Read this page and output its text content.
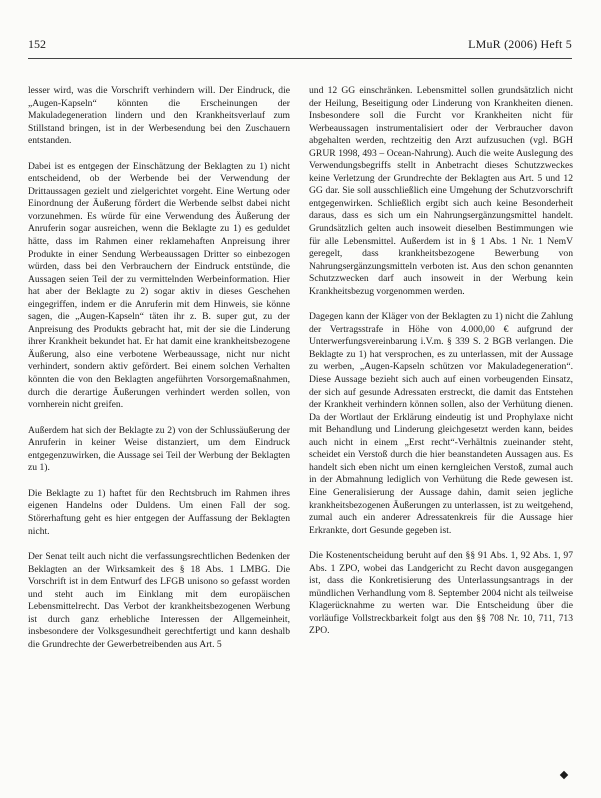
152	LMuR (2006) Heft 5

lesser wird, was die Vorschrift verhindern will. Der Eindruck, die „Augen-Kapseln“ könnten die Erscheinungen der Makuladegeneration lindern und den Krankheitsverlauf zum Stillstand bringen, ist in der Werbesendung bei den Zuschauern entstanden.

Dabei ist es entgegen der Einschätzung der Beklagten zu 1) nicht entscheidend, ob der Werbende bei der Verwendung der Drittaussagen gezielt und zielgerichtet vorgeht. Eine Wertung oder Einordnung der Äußerung fördert die Werbende selbst dabei nicht vorzunehmen. Es würde für eine Verwendung des Äußerung der Anruferin sogar ausreichen, wenn die Beklagte zu 1) es geduldet hätte, dass im Rahmen einer reklamehaften Anpreisung ihrer Produkte in einer Sendung Werbeaussagen Dritter so einbezogen würden, dass bei den Verbrauchern der Eindruck entstünde, die Aussagen seien Teil der zu vermittelnden Werbeinformation. Hier hat aber der Beklagte zu 2) sogar aktiv in dieses Geschehen eingegriffen, indem er die Anruferin mit dem Hinweis, sie könne sagen, die „Augen-Kapseln“ täten ihr z. B. super gut, zu der Anpreisung des Produkts gebracht hat, mit der sie die Linderung ihrer Krankheit bekundet hat. Er hat damit eine krankheitsbezogene Äußerung, also eine verbotene Werbeaussage, nicht nur nicht verhindert, sondern aktiv gefördert. Bei einem solchen Verhalten könnten die von den Beklagten angeführten Vorsorgemaßnahmen, durch die derartige Äußerungen verhindert werden sollen, von vornherein nicht greifen.

Außerdem hat sich der Beklagte zu 2) von der Schlussäußerung der Anruferin in keiner Weise distanziert, um dem Eindruck entgegenzuwirken, die Aussage sei Teil der Werbung der Beklagten zu 1).

Die Beklagte zu 1) haftet für den Rechtsbruch im Rahmen ihres eigenen Handelns oder Duldens. Um einen Fall der sog. Störerhaftung geht es hier entgegen der Auffassung der Beklagten nicht.

Der Senat teilt auch nicht die verfassungsrechtlichen Bedenken der Beklagten an der Wirksamkeit des § 18 Abs. 1 LMBG. Die Vorschrift ist in dem Entwurf des LFGB unisono so gefasst worden und steht auch im Einklang mit dem europäischen Lebensmittelrecht. Das Verbot der krankheitsbezogenen Werbung ist durch ganz erhebliche Interessen der Allgemeinheit, insbesondere der Volksgesundheit gerechtfertigt und kann deshalb die Grundrechte der Gewerbetreibenden aus Art. 5

und 12 GG einschränken. Lebensmittel sollen grundsätzlich nicht der Heilung, Beseitigung oder Linderung von Krankheiten dienen. Insbesondere soll die Furcht vor Krankheiten nicht für Werbeaussagen instrumentalisiert oder der Verbraucher davon abgehalten werden, rechtzeitig den Arzt aufzusuchen (vgl. BGH GRUR 1998, 493 – Ocean-Nahrung). Auch die weite Auslegung des Verwendungsbegriffs stellt in Anbetracht dieses Schutzzweckes keine Verletzung der Grundrechte der Beklagten aus Art. 5 und 12 GG dar. Sie soll ausschließlich eine Umgehung der Schutzvorschrift entgegenwirken. Schließlich ergibt sich auch keine Besonderheit daraus, dass es sich um ein Nahrungsergänzungsmittel handelt. Grundsätzlich gelten auch insoweit dieselben Bestimmungen wie für alle Lebensmittel. Außerdem ist in § 1 Abs. 1 Nr. 1 NemV geregelt, dass krankheitsbezogene Bewerbung von Nahrungsergänzungsmitteln verboten ist. Aus den schon genannten Schutzzwecken darf auch insoweit in der Werbung kein Krankheitsbezug vorgenommen werden.

Dagegen kann der Kläger von der Beklagten zu 1) nicht die Zahlung der Vertragsstrafe in Höhe von 4.000,00 € aufgrund der Unterwerfungsvereinbarung i.V.m. § 339 S. 2 BGB verlangen. Die Beklagte zu 1) hat versprochen, es zu unterlassen, mit der Aussage zu werben, „Augen-Kapseln schützen vor Makuladegeneration“. Diese Aussage bezieht sich auch auf einen vorbeugenden Einsatz, der sich auf gesunde Adressaten erstreckt, die damit das Entstehen der Krankheit verhindern können sollen, also der Verhütung dienen. Da der Wortlaut der Erklärung eindeutig ist und Prophylaxe nicht mit Behandlung und Linderung gleichgesetzt werden kann, beides auch nicht in einem „Erst recht“-Verhältnis zueinander steht, scheidet ein Verstoß durch die hier beanstandeten Aussagen aus. Es handelt sich eben nicht um einen kerngleichen Verstoß, zumal auch in der Abmahnung lediglich von Verhütung die Rede gewesen ist. Eine Generalisierung der Aussage dahin, damit seien jegliche krankheitsbezogenen Äußerungen zu unterlassen, ist zu weitgehend, zumal auch ein anderer Adressatenkreis für die Aussage hier Erkrankte, dort Gesunde gegeben ist.

Die Kostenentscheidung beruht auf den §§ 91 Abs. 1, 92 Abs. 1, 97 Abs. 1 ZPO, wobei das Landgericht zu Recht davon ausgegangen ist, dass die Konkretisierung des Unterlassungsantrags in der mündlichen Verhandlung vom 8. September 2004 nicht als teilweise Klagerücknahme zu werten war. Die Entscheidung über die vorläufige Vollstreckbarkeit folgt aus den §§ 708 Nr. 10, 711, 713 ZPO.
